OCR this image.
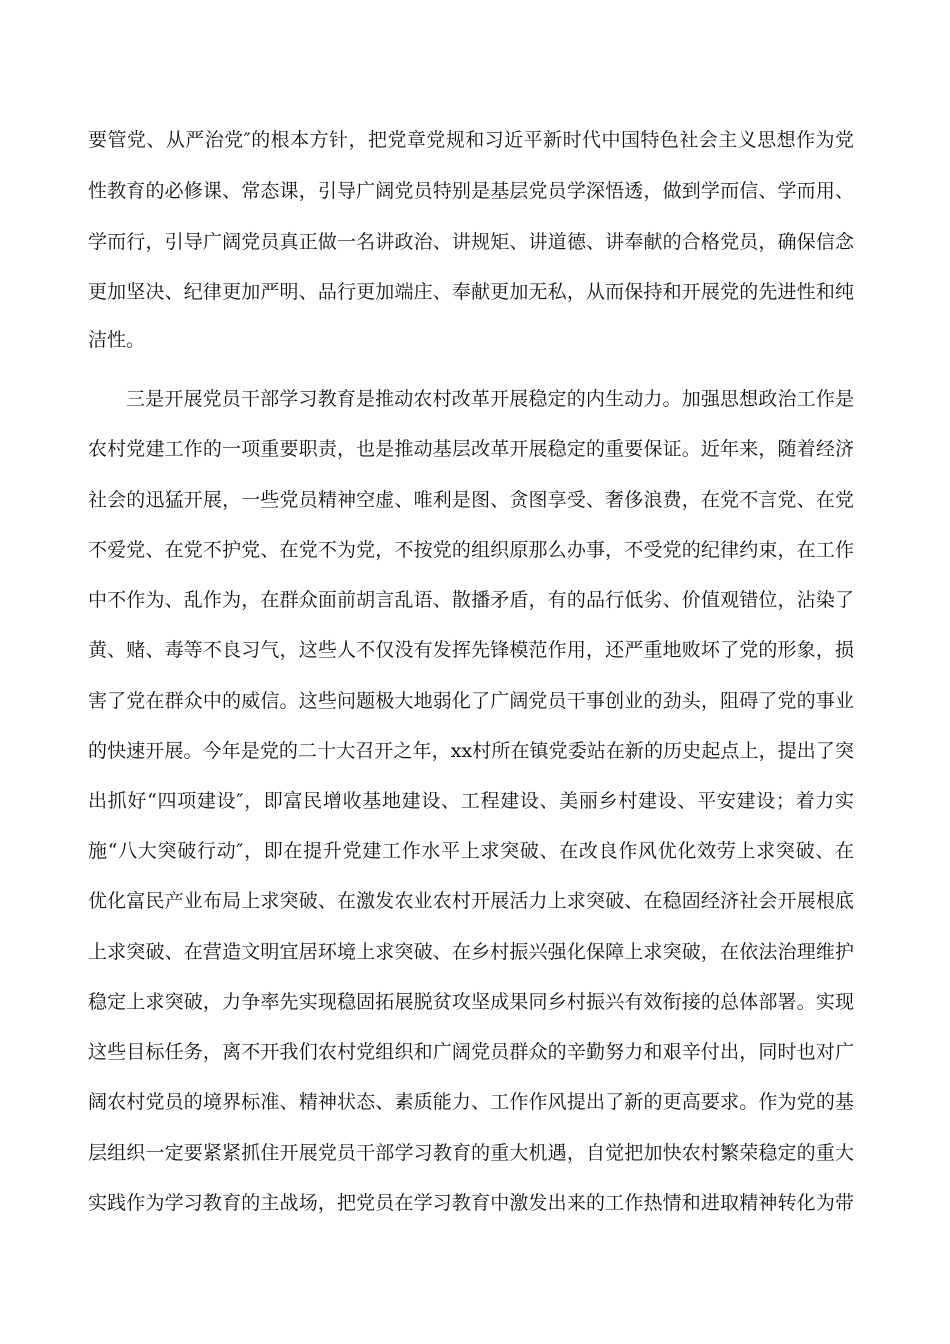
要管党、从严治党″的根本方针，把党章党规和习近平新时代中国特色社会主义思想作为党
性教育的必修课、常态课，引导广阔党员特别是基层党员学深悟透，做到学而信、学而用、
学而行，引导广阔党员真正做一名讲政治、讲规矩、讲道德、讲奉献的合格党员，确保信念
更加坚决、纪律更加严明、品行更加端庄、奉献更加无私，从而保持和开展党的先进性和纯
洁性。
三是开展党员干部学习教育是推动农村改革开展稳定的内生动力。加强思想政治工作是
农村党建工作的一项重要职责，也是推动基层改革开展稳定的重要保证。近年来，随着经济
社会的迅猛开展，一些党员精神空虚、唯利是图、贪图享受、奢侈浪费，在党不言党、在党
不爱党、在党不护党、在党不为党，不按党的组织原那么办事，不受党的纪律约束，在工作
中不作为、乱作为，在群众面前胡言乱语、散播矛盾，有的品行低劣、价值观错位，沾染了
黄、赌、毒等不良习气，这些人不仅没有发挥先锋模范作用，还严重地败坏了党的形象，损
害了党在群众中的威信。这些问题极大地弱化了广阔党员干事创业的劲头，阻碍了党的事业
的快速开展。今年是党的二十大召开之年，xx村所在镇党委站在新的历史起点上，提出了突
出抓好“四项建设″，即富民增收基地建设、工程建设、美丽乡村建设、平安建设；着力实
施“八大突破行动″，即在提升党建工作水平上求突破、在改良作风优化效劳上求突破、在
优化富民产业布局上求突破、在激发农业农村开展活力上求突破、在稳固经济社会开展根底
上求突破、在营造文明宜居环境上求突破、在乡村振兴强化保障上求突破，在依法治理维护
稳定上求突破，力争率先实现稳固拓展脱贫攻坚成果同乡村振兴有效衔接的总体部署。实现
这些目标任务，离不开我们农村党组织和广阔党员群众的辛勤努力和艰辛付出，同时也对广
阔农村党员的境界标准、精神状态、素质能力、工作作风提出了新的更高要求。作为党的基
层组织一定要紧紧抓住开展党员干部学习教育的重大机遇，自觉把加快农村繁荣稳定的重大
实践作为学习教育的主战场，把党员在学习教育中激发出来的工作热情和进取精神转化为带
